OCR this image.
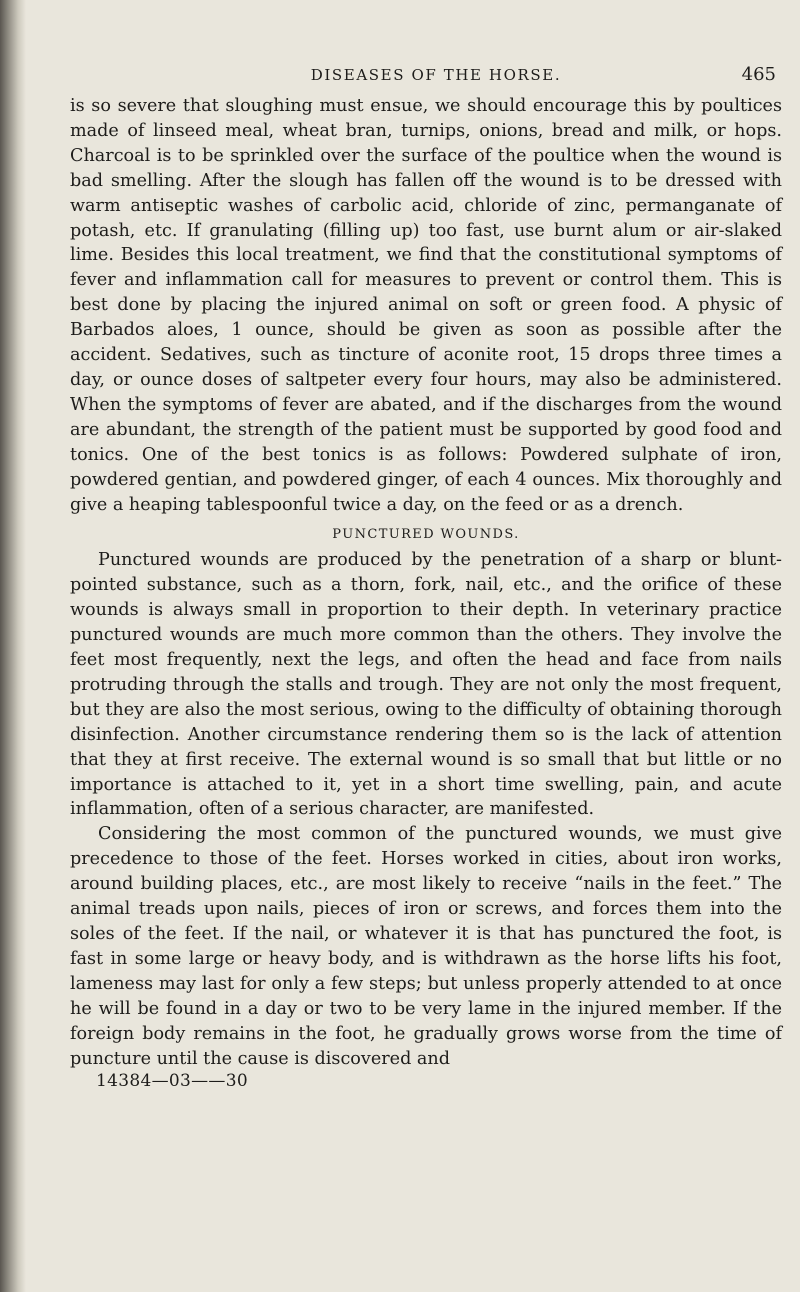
DISEASES OF THE HORSE.	465

is so severe that sloughing must ensue, we should encourage this by poultices made of linseed meal, wheat bran, turnips, onions, bread and milk, or hops. Charcoal is to be sprinkled over the surface of the poultice when the wound is bad smelling. After the slough has fallen off the wound is to be dressed with warm antiseptic washes of carbolic acid, chloride of zinc, permanganate of potash, etc. If granulating (filling up) too fast, use burnt alum or air-slaked lime. Besides this local treatment, we find that the constitutional symptoms of fever and inflammation call for measures to prevent or control them. This is best done by placing the injured animal on soft or green food. A physic of Barbados aloes, 1 ounce, should be given as soon as possible after the accident. Sedatives, such as tincture of aconite root, 15 drops three times a day, or ounce doses of saltpeter every four hours, may also be administered. When the symptoms of fever are abated, and if the discharges from the wound are abundant, the strength of the patient must be supported by good food and tonics. One of the best tonics is as follows: Powdered sulphate of iron, powdered gentian, and powdered ginger, of each 4 ounces. Mix thoroughly and give a heaping tablespoonful twice a day, on the feed or as a drench.

PUNCTURED WOUNDS.

Punctured wounds are produced by the penetration of a sharp or blunt-pointed substance, such as a thorn, fork, nail, etc., and the orifice of these wounds is always small in proportion to their depth. In veterinary practice punctured wounds are much more common than the others. They involve the feet most frequently, next the legs, and often the head and face from nails protruding through the stalls and trough. They are not only the most frequent, but they are also the most serious, owing to the difficulty of obtaining thorough disinfection. Another circumstance rendering them so is the lack of attention that they at first receive. The external wound is so small that but little or no importance is attached to it, yet in a short time swelling, pain, and acute inflammation, often of a serious character, are manifested.

Considering the most common of the punctured wounds, we must give precedence to those of the feet. Horses worked in cities, about iron works, around building places, etc., are most likely to receive “nails in the feet.” The animal treads upon nails, pieces of iron or screws, and forces them into the soles of the feet. If the nail, or whatever it is that has punctured the foot, is fast in some large or heavy body, and is withdrawn as the horse lifts his foot, lameness may last for only a few steps; but unless properly attended to at once he will be found in a day or two to be very lame in the injured member. If the foreign body remains in the foot, he gradually grows worse from the time of puncture until the cause is discovered and

14384—03——30
